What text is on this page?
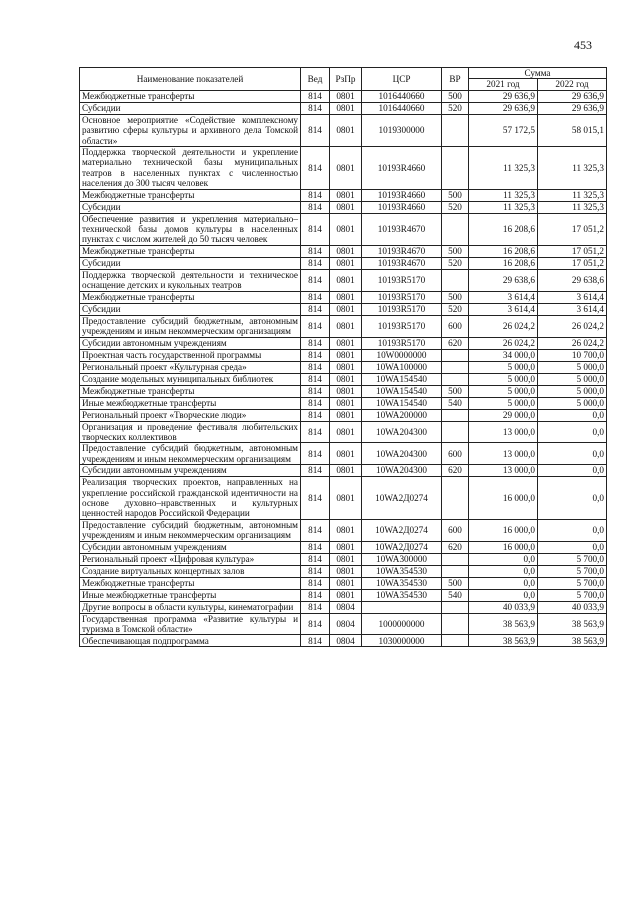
453
Наименование показателей	Вед	РзПр	ЦСР	ВР	Сумма	
					2021 год	2022 год
Межбюджетные трансферты	814	0801	1016440660	500	29 636,9	29 636,9
Субсидии	814	0801	1016440660	520	29 636,9	29 636,9
Основное мероприятие «Содействие комплексному развитию сферы культуры и архивного дела Томской области»	814	0801	1019300000		57 172,5	58 015,1
Поддержка творческой деятельности и укрепление материально технической базы муниципальных театров в населенных пунктах с численностью населения до 300 тысяч человек	814	0801	10193R4660		11 325,3	11 325,3
Межбюджетные трансферты	814	0801	10193R4660	500	11 325,3	11 325,3
Субсидии	814	0801	10193R4660	520	11 325,3	11 325,3
Обеспечение развития и укрепления материально–технической базы домов культуры в населенных пунктах с числом жителей до 50 тысяч человек	814	0801	10193R4670		16 208,6	17 051,2
Межбюджетные трансферты	814	0801	10193R4670	500	16 208,6	17 051,2
Субсидии	814	0801	10193R4670	520	16 208,6	17 051,2
Поддержка творческой деятельности и техническое оснащение детских и кукольных театров	814	0801	10193R5170		29 638,6	29 638,6
Межбюджетные трансферты	814	0801	10193R5170	500	3 614,4	3 614,4
Субсидии	814	0801	10193R5170	520	3 614,4	3 614,4
Предоставление субсидий бюджетным, автономным учреждениям и иным некоммерческим организациям	814	0801	10193R5170	600	26 024,2	26 024,2
Субсидии автономным учреждениям	814	0801	10193R5170	620	26 024,2	26 024,2
Проектная часть государственной программы	814	0801	10W0000000		34 000,0	10 700,0
Региональный проект «Культурная среда»	814	0801	10WA100000		5 000,0	5 000,0
Создание модельных муниципальных библиотек	814	0801	10WA154540		5 000,0	5 000,0
Межбюджетные трансферты	814	0801	10WA154540	500	5 000,0	5 000,0
Иные межбюджетные трансферты	814	0801	10WA154540	540	5 000,0	5 000,0
Региональный проект «Творческие люди»	814	0801	10WA200000		29 000,0	0,0
Организация и проведение фестиваля любительских творческих коллективов	814	0801	10WA204300		13 000,0	0,0
Предоставление субсидий бюджетным, автономным учреждениям и иным некоммерческим организациям	814	0801	10WA204300	600	13 000,0	0,0
Субсидии автономным учреждениям	814	0801	10WA204300	620	13 000,0	0,0
Реализация творческих проектов, направленных на укрепление российской гражданской идентичности на основе духовно–нравственных и культурных ценностей народов Российской Федерации	814	0801	10WA2Д0274		16 000,0	0,0
Предоставление субсидий бюджетным, автономным учреждениям и иным некоммерческим организациям	814	0801	10WA2Д0274	600	16 000,0	0,0
Субсидии автономным учреждениям	814	0801	10WA2Д0274	620	16 000,0	0,0
Региональный проект «Цифровая культура»	814	0801	10WA300000		0,0	5 700,0
Создание виртуальных концертных залов	814	0801	10WA354530		0,0	5 700,0
Межбюджетные трансферты	814	0801	10WA354530	500	0,0	5 700,0
Иные межбюджетные трансферты	814	0801	10WA354530	540	0,0	5 700,0
Другие вопросы в области культуры, кинематографии	814	0804			40 033,9	40 033,9
Государственная программа «Развитие культуры и туризма в Томской области»	814	0804	1000000000		38 563,9	38 563,9
Обеспечивающая подпрограмма	814	0804	1030000000		38 563,9	38 563,9
